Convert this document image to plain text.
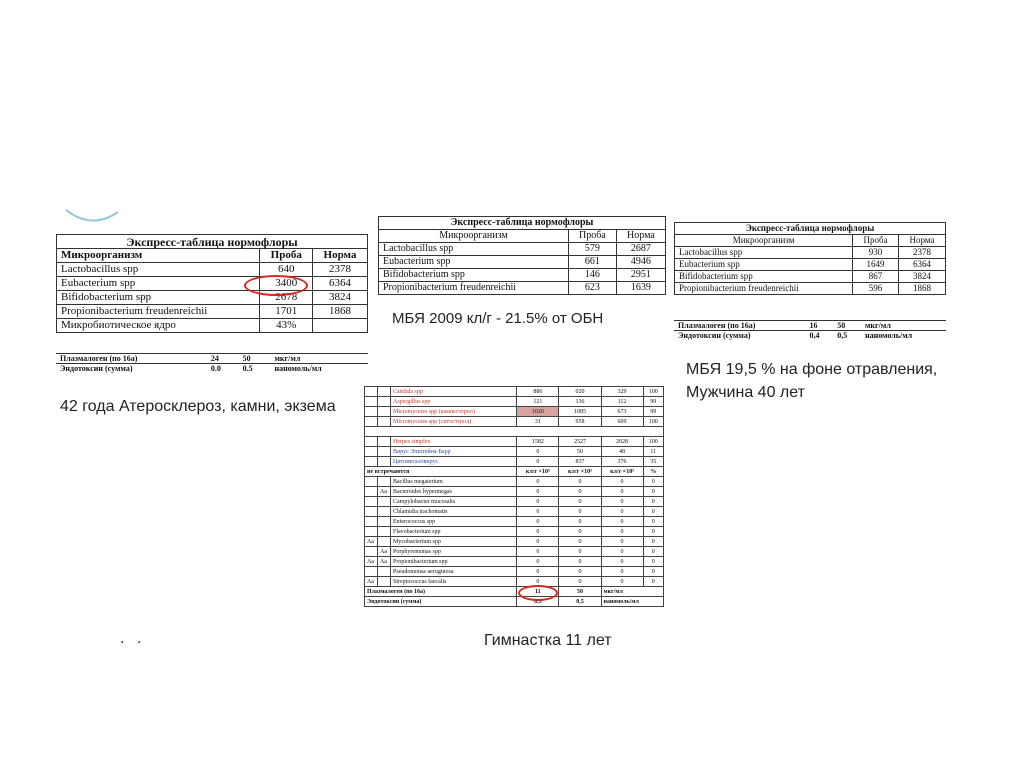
Экспресс-таблица нормофлоры		
Микроорганизм	Проба	Норма
Lactobacillus spp	640	2378
Eubacterium spp	3400	6364
Bifidobacterium spp	2678	3824
Propionibacterium freudenreichii	1701	1868
Микробиотическое ядро	43%	
Плазмалоген (по 16а)	24	50	мкг/мл
Эндотоксин (сумма)	0.0	0.5	наномоль/мл
42 года Атеросклероз, камни, экзема
Экспресс-таблица нормофлоры		
Микроорганизм	Проба	Норма
Lactobacillus spp	579	2687
Eubacterium spp	661	4946
Bifidobacterium spp	146	2951
Propionibacterium freudenreichii	623	1639
МБЯ 2009 кл/г - 21.5% от ОБН
Экспресс-таблица нормофлоры		
Микроорганизм	Проба	Норма
Lactobacillus spp	930	2378
Eubacterium spp	1649	6364
Bifidobacterium spp	867	3824
Propionibacterium freudenreichii	596	1868
Плазмалоген (по 16а)	16	50	мкг/мл
Эндотоксин (сумма)	0,4	0,5	наномоль/мл
МБЯ 19,5 % на фоне отравления,
Мужчина 40 лет
		Candida spp	886	020	329	100
		Aspergillus spp	121	136	112	99
		Micromycetes spp (кампестерол)	1020	1085	673	99
		Micromycetes spp (ситостерол)	31	958	609	100

		Herpes simplex	1582	2527	2028	100
		Вирус Эпштейна-Барр	0	50	48	11
		Цитомегаловирус	0	837	376	35
не встречаются			кл/г ×10⁵	кл/г ×10⁵	кл/г ×10⁵	%
		Bacillus megaterium	0	0	0	0
	Аа	Bacteroides hypermegas	0	0	0	0
		Campylobacter mucosalis	0	0	0	0
		Chlamidia trachomatis	0	0	0	0
		Enterococcus spp	0	0	0	0
		Flavobacterium spp	0	0	0	0
Аа		Mycobacterium spp	0	0	0	0
	Аа	Porphyromonas spp	0	0	0	0
Аа	Аа	Propionibacterium spp	0	0	0	0
		Pseudomonas aeruginosa	0	0	0	0
Аа		Streptococcus faecalis	0	0	0	0
Плазмалоген (по 16а)			11	50	мкг/мл	
Эндотоксин (сумма)			0,3	0,5	наномоль/мл	
Гимнастка 11 лет
. .
